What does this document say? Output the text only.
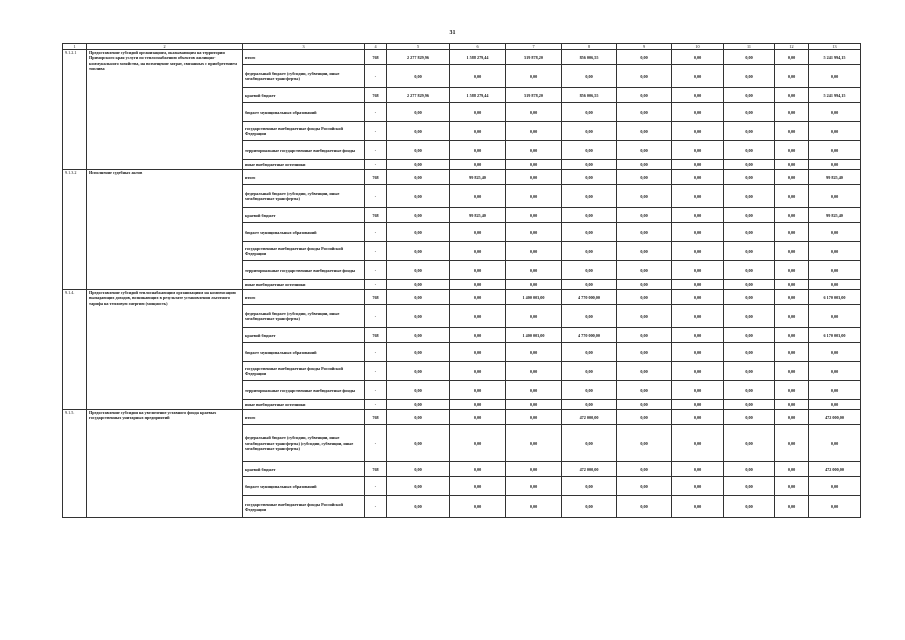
31
1	2	3	4	5	6	7	8	9	10	11	12	13
9.1.2.1	Предоставление субсидий организациям, оказывающим на территории Приморского края услуги по теплоснабжению объектов жилищно-коммунального хозяйства, на возмещение затрат, связанных с приобретением топлива	итого	768	2 277 829,96	1 588 279,44	519 878,20	856 006,55	0,00	0,00	0,00	0,00	5 241 994,15
		федеральный бюджет (субсидии, субвенции, иные межбюджетные трансферты)	-	0,00	0,00	0,00	0,00	0,00	0,00	0,00	0,00	0,00
		краевой бюджет	768	2 277 829,96	1 588 279,44	519 878,20	856 006,55	0,00	0,00	0,00	0,00	5 241 994,15
		бюджет муниципальных образований	-	0,00	0,00	0,00	0,00	0,00	0,00	0,00	0,00	0,00
		государственные внебюджетные фонды Российской Федерации	-	0,00	0,00	0,00	0,00	0,00	0,00	0,00	0,00	0,00
		территориальные государственные внебюджетные фонды	-	0,00	0,00	0,00	0,00	0,00	0,00	0,00	0,00	0,00
		иные внебюджетные источники	-	0,00	0,00	0,00	0,00	0,00	0,00	0,00	0,00	0,00
9.1.3.2	Исполнение судебных актов	итого	768	0,00	99 825,40	0,00	0,00	0,00	0,00	0,00	0,00	99 825,40
		федеральный бюджет (субсидии, субвенции, иные межбюджетные трансферты)	-	0,00	0,00	0,00	0,00	0,00	0,00	0,00	0,00	0,00
		краевой бюджет	768	0,00	99 825,40	0,00	0,00	0,00	0,00	0,00	0,00	99 825,40
		бюджет муниципальных образований	-	0,00	0,00	0,00	0,00	0,00	0,00	0,00	0,00	0,00
		государственные внебюджетные фонды Российской Федерации	-	0,00	0,00	0,00	0,00	0,00	0,00	0,00	0,00	0,00
		территориальные государственные внебюджетные фонды	-	0,00	0,00	0,00	0,00	0,00	0,00	0,00	0,00	0,00
		иные внебюджетные источники	-	0,00	0,00	0,00	0,00	0,00	0,00	0,00	0,00	0,00
9.1.4.	Предоставление субсидий теплоснабжающим организациям на компенсацию выпадающих доходов, возникающих в результате установления льготного тарифа на тепловую энергию (мощность)	итого	768	0,00	0,00	1 400 003,00	4 770 000,00	0,00	0,00	0,00	0,00	6 170 003,00
		федеральный бюджет (субсидии, субвенции, иные межбюджетные трансферты)	-	0,00	0,00	0,00	0,00	0,00	0,00	0,00	0,00	0,00
		краевой бюджет	768	0,00	0,00	1 400 003,00	4 770 000,00	0,00	0,00	0,00	0,00	6 170 003,00
		бюджет муниципальных образований	-	0,00	0,00	0,00	0,00	0,00	0,00	0,00	0,00	0,00
		государственные внебюджетные фонды Российской Федерации	-	0,00	0,00	0,00	0,00	0,00	0,00	0,00	0,00	0,00
		территориальные государственные внебюджетные фонды	-	0,00	0,00	0,00	0,00	0,00	0,00	0,00	0,00	0,00
		иные внебюджетные источники	-	0,00	0,00	0,00	0,00	0,00	0,00	0,00	0,00	0,00
9.1.5.	Предоставление субсидии на увеличение уставного фонда краевых государственных унитарных предприятий	итого	768	0,00	0,00	0,00	472 000,00	0,00	0,00	0,00	0,00	472 000,00
		федеральный бюджет (субсидии, субвенции, иные межбюджетные трансферты) (субсидии, субвенции, иные межбюджетные трансферты)	-	0,00	0,00	0,00	0,00	0,00	0,00	0,00	0,00	0,00
		краевой бюджет	768	0,00	0,00	0,00	472 000,00	0,00	0,00	0,00	0,00	472 000,00
		бюджет муниципальных образований	-	0,00	0,00	0,00	0,00	0,00	0,00	0,00	0,00	0,00
		государственные внебюджетные фонды Российской Федерации	-	0,00	0,00	0,00	0,00	0,00	0,00	0,00	0,00	0,00
